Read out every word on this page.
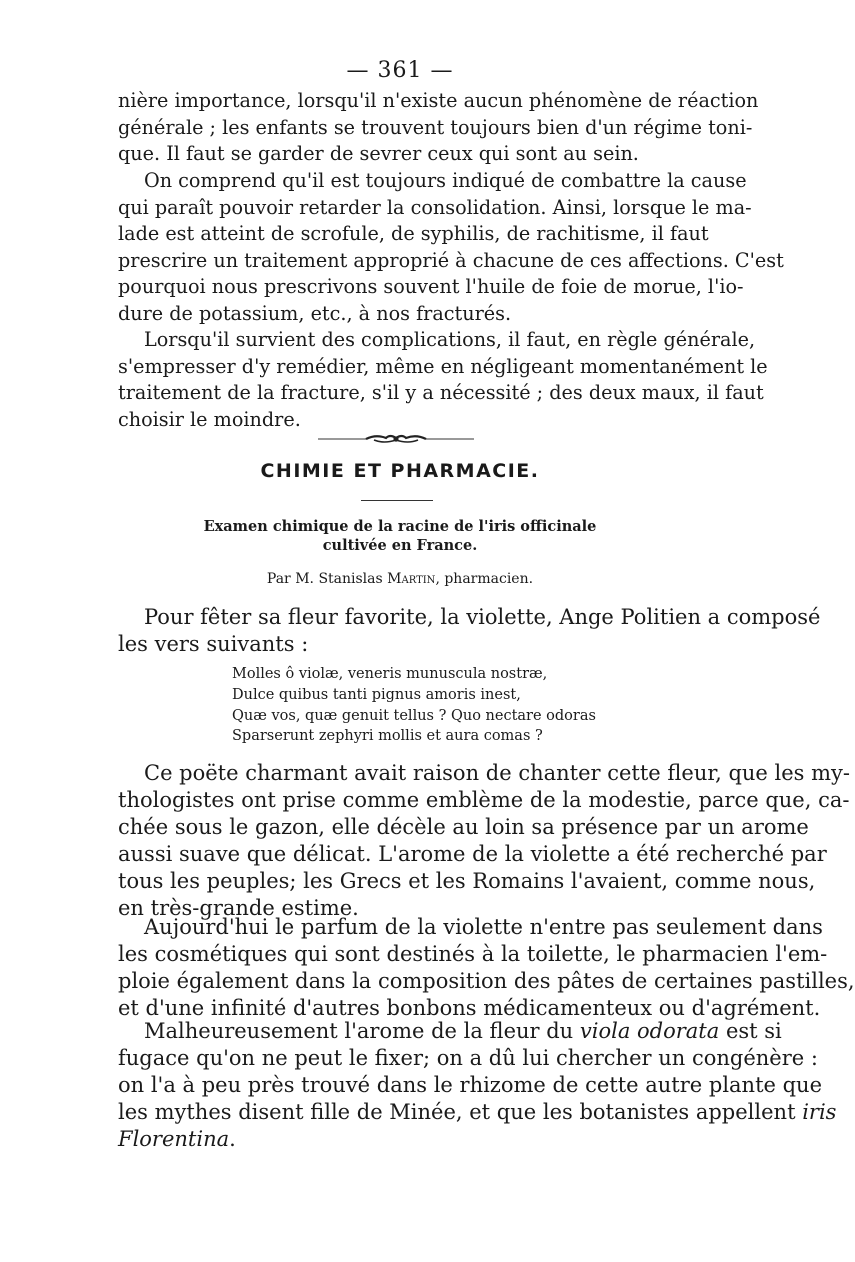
— 361 —
nière importance, lorsqu'il n'existe aucun phénomène de réaction
générale ; les enfants se trouvent toujours bien d'un régime toni-
que. Il faut se garder de sevrer ceux qui sont au sein.
On comprend qu'il est toujours indiqué de combattre la cause
qui paraît pouvoir retarder la consolidation. Ainsi, lorsque le ma-
lade est atteint de scrofule, de syphilis, de rachitisme, il faut
prescrire un traitement approprié à chacune de ces affections. C'est
pourquoi nous prescrivons souvent l'huile de foie de morue, l'io-
dure de potassium, etc., à nos fracturés.
Lorsqu'il survient des complications, il faut, en règle générale,
s'empresser d'y remédier, même en négligeant momentanément le
traitement de la fracture, s'il y a nécessité ; des deux maux, il faut
choisir le moindre.
CHIMIE ET PHARMACIE.
Examen chimique de la racine de l'iris officinale
cultivée en France.
Par M. Stanislas Martin, pharmacien.
Pour fêter sa fleur favorite, la violette, Ange Politien a composé
les vers suivants :
Molles ô violæ, veneris munuscula nostræ,
Dulce quibus tanti pignus amoris inest,
Quæ vos, quæ genuit tellus ? Quo nectare odoras
Sparserunt zephyri mollis et aura comas ?
Ce poëte charmant avait raison de chanter cette fleur, que les my-
thologistes ont prise comme emblème de la modestie, parce que, ca-
chée sous le gazon, elle décèle au loin sa présence par un arome
aussi suave que délicat. L'arome de la violette a été recherché par
tous les peuples; les Grecs et les Romains l'avaient, comme nous,
en très-grande estime.
Aujourd'hui le parfum de la violette n'entre pas seulement dans
les cosmétiques qui sont destinés à la toilette, le pharmacien l'em-
ploie également dans la composition des pâtes de certaines pastilles,
et d'une infinité d'autres bonbons médicamenteux ou d'agrément.
Malheureusement l'arome de la fleur du viola odorata est si
fugace qu'on ne peut le fixer; on a dû lui chercher un congénère :
on l'a à peu près trouvé dans le rhizome de cette autre plante que
les mythes disent fille de Minée, et que les botanistes appellent iris
Florentina.
